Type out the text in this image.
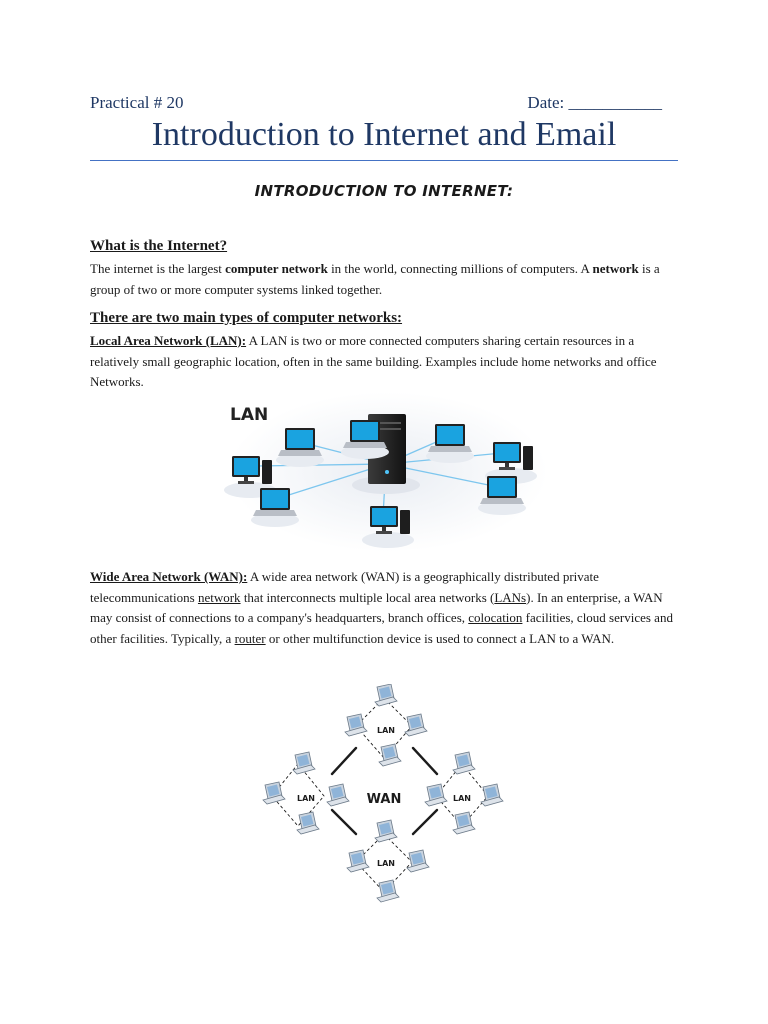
Practical # 20	Date: ___________
Introduction to Internet and Email
INTRODUCTION TO INTERNET:
What is the Internet?
The internet is the largest computer network in the world, connecting millions of computers. A network is a group of two or more computer systems linked together.
There are two main types of computer networks:
Local Area Network (LAN): A LAN is two or more connected computers sharing certain resources in a relatively small geographic location, often in the same building. Examples include home networks and office Networks.
LAN
Wide Area Network (WAN): A wide area network (WAN) is a geographically distributed private telecommunications network that interconnects multiple local area networks (LANs). In an enterprise, a WAN may consist of connections to a company's headquarters, branch offices, colocation facilities, cloud services and other facilities. Typically, a router or other multifunction device is used to connect a LAN to a WAN.
WAN
LAN
LAN	LAN
LAN
